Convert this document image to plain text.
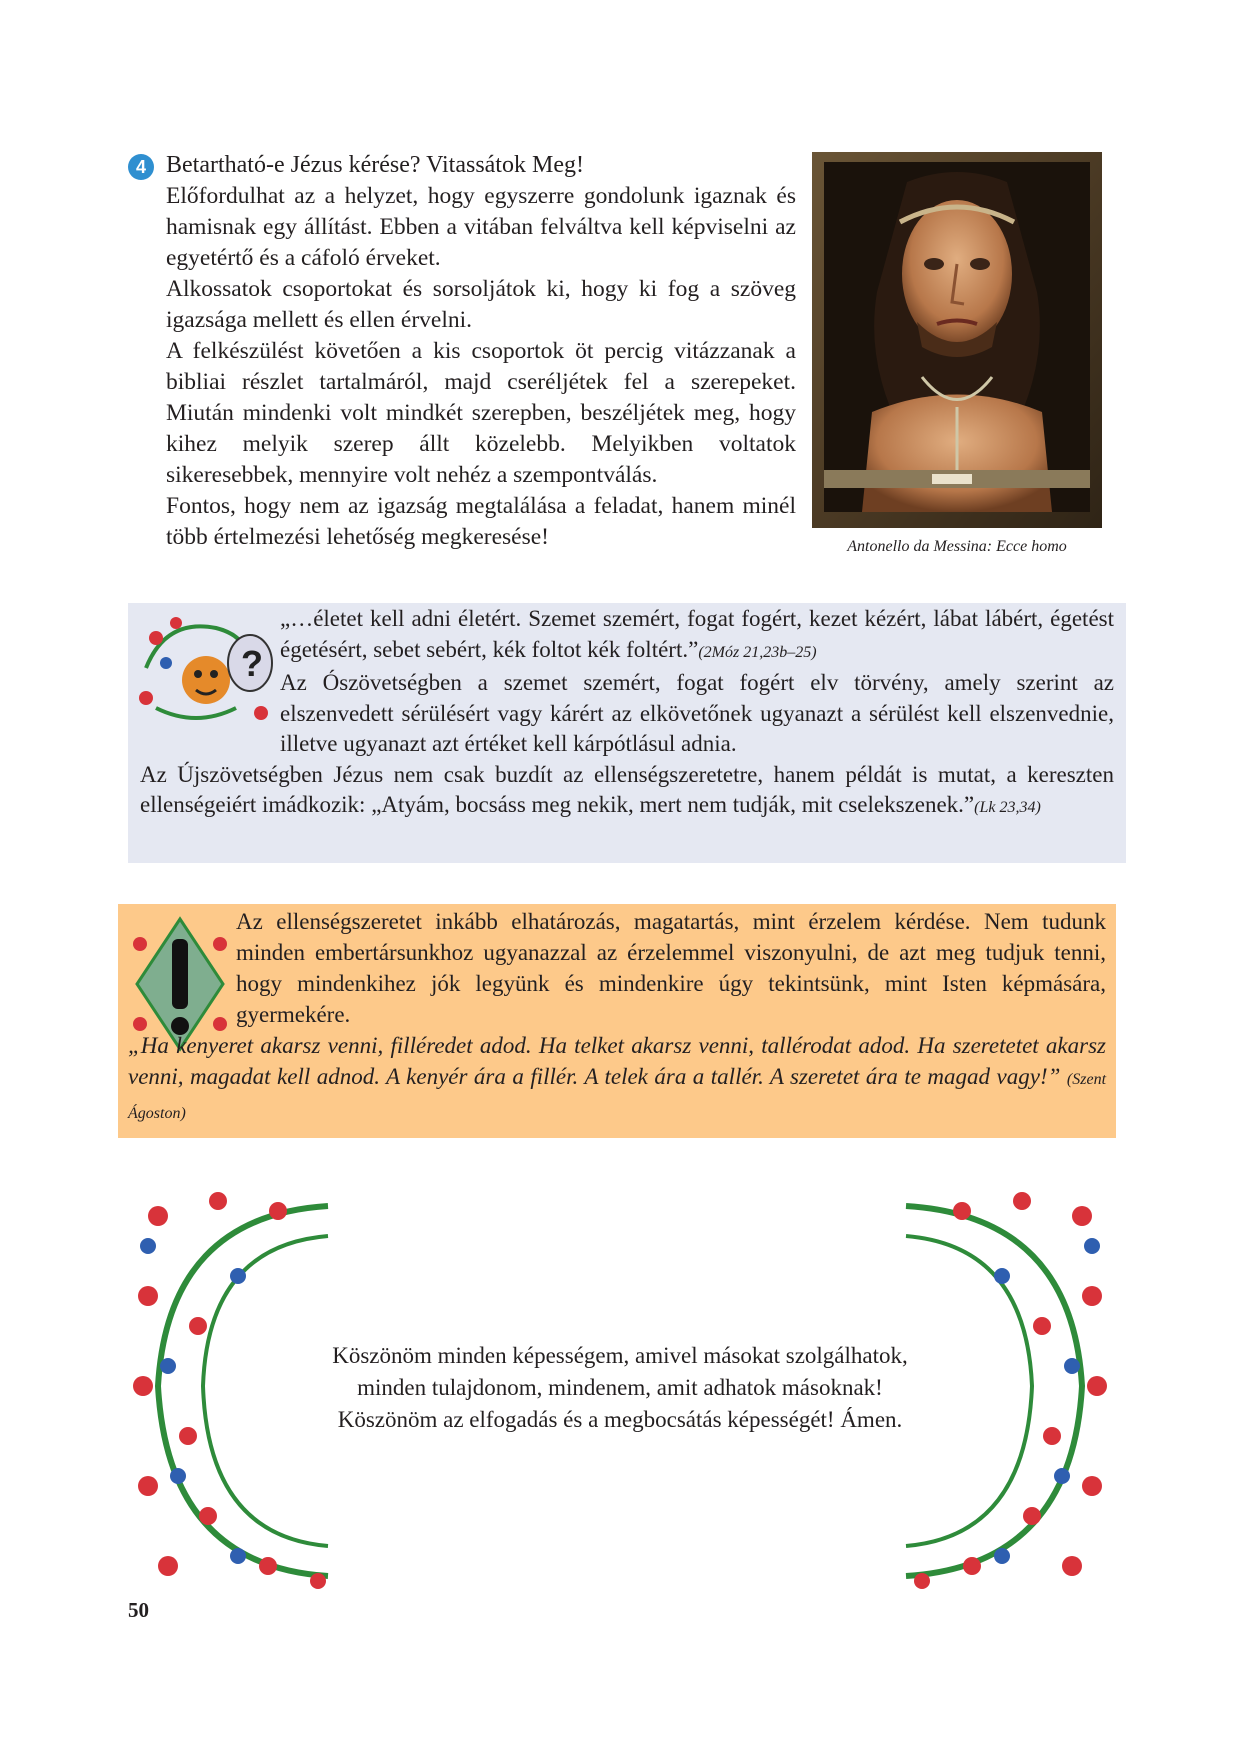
4 Betartható-e Jézus kérése? Vitassátok Meg!

Előfordulhat az a helyzet, hogy egyszerre gondolunk igaznak és hamisnak egy állítást. Ebben a vitában felváltva kell képviselni az egyetértő és a cáfoló érveket.

Alkossatok csoportokat és sorsoljátok ki, hogy ki fog a szöveg igazsága mellett és ellen érvelni.

A felkészülést követően a kis csoportok öt percig vitázzanak a bibliai részlet tartalmáról, majd cseréljétek fel a szerepeket. Miután mindenki volt mindkét szerepben, beszéljétek meg, hogy kihez melyik szerep állt közelebb. Melyikben voltatok sikeresebbek, mennyire volt nehéz a szempontválás.

Fontos, hogy nem az igazság megtalálása a feladat, hanem minél több értelmezési lehetőség megkeresése!	Antonello da Messina: Ecce homo
?

„…életet kell adni életért. Szemet szemért, fogat fogért, kezet kézért, lábat lábért, égetést égetésért, sebet sebért, kék foltot kék foltért.”(2Móz 21,23b–25)

Az Ószövetségben a szemet szemért, fogat fogért elv törvény, amely szerint az elszenvedett sérülésért vagy kárért az elkövetőnek ugyanazt a sérülést kell elszenvednie, illetve ugyanazt azt értéket kell kárpótlásul adnia.

Az Újszövetségben Jézus nem csak buzdít az ellenségszeretetre, hanem példát is mutat, a kereszten ellenségeiért imádkozik: „Atyám, bocsáss meg nekik, mert nem tudják, mit cselekszenek.”(Lk 23,34)

Az ellenségszeretet inkább elhatározás, magatartás, mint érzelem kérdése. Nem tudunk minden embertársunkhoz ugyanazzal az érzelemmel viszonyulni, de azt meg tudjuk tenni, hogy mindenkihez jók legyünk és mindenkire úgy tekintsünk, mint Isten képmására, gyermekére.

„Ha kenyeret akarsz venni, filléredet adod. Ha telket akarsz venni, tallérodat adod. Ha szeretetet akarsz venni, magadat kell adnod. A kenyér ára a fillér. A telek ára a tallér. A szeretet ára te magad vagy!” (Szent Ágoston)

Köszönöm minden képességem, amivel másokat szolgálhatok,
minden tulajdonom, mindenem, amit adhatok másoknak!
Köszönöm az elfogadás és a megbocsátás képességét! Ámen.
50
